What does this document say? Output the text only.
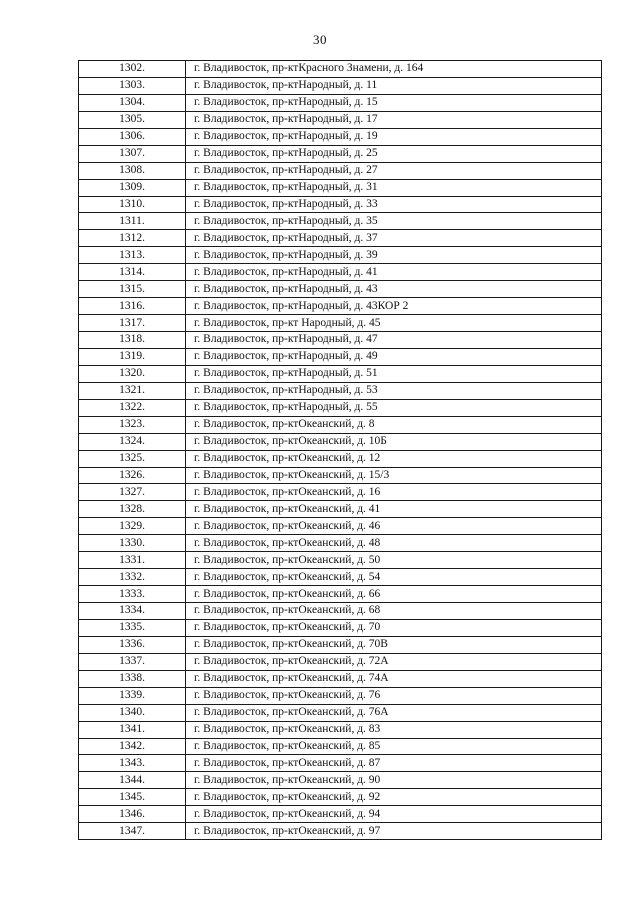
30
1302.	г. Владивосток, пр-ктКрасного Знамени, д. 164
1303.	г. Владивосток, пр-ктНародный, д. 11
1304.	г. Владивосток, пр-ктНародный, д. 15
1305.	г. Владивосток, пр-ктНародный, д. 17
1306.	г. Владивосток, пр-ктНародный, д. 19
1307.	г. Владивосток, пр-ктНародный, д. 25
1308.	г. Владивосток, пр-ктНародный, д. 27
1309.	г. Владивосток, пр-ктНародный, д. 31
1310.	г. Владивосток, пр-ктНародный, д. 33
1311.	г. Владивосток, пр-ктНародный, д. 35
1312.	г. Владивосток, пр-ктНародный, д. 37
1313.	г. Владивосток, пр-ктНародный, д. 39
1314.	г. Владивосток, пр-ктНародный, д. 41
1315.	г. Владивосток, пр-ктНародный, д. 43
1316.	г. Владивосток, пр-ктНародный, д. 43КОР 2
1317.	г. Владивосток, пр-кт Народный, д. 45
1318.	г. Владивосток, пр-ктНародный, д. 47
1319.	г. Владивосток, пр-ктНародный, д. 49
1320.	г. Владивосток, пр-ктНародный, д. 51
1321.	г. Владивосток, пр-ктНародный, д. 53
1322.	г. Владивосток, пр-ктНародный, д. 55
1323.	г. Владивосток, пр-ктОкеанский, д. 8
1324.	г. Владивосток, пр-ктОкеанский, д. 10Б
1325.	г. Владивосток, пр-ктОкеанский, д. 12
1326.	г. Владивосток, пр-ктОкеанский, д. 15/3
1327.	г. Владивосток, пр-ктОкеанский, д. 16
1328.	г. Владивосток, пр-ктОкеанский, д. 41
1329.	г. Владивосток, пр-ктОкеанский, д. 46
1330.	г. Владивосток, пр-ктОкеанский, д. 48
1331.	г. Владивосток, пр-ктОкеанский, д. 50
1332.	г. Владивосток, пр-ктОкеанский, д. 54
1333.	г. Владивосток, пр-ктОкеанский, д. 66
1334.	г. Владивосток, пр-ктОкеанский, д. 68
1335.	г. Владивосток, пр-ктОкеанский, д. 70
1336.	г. Владивосток, пр-ктОкеанский, д. 70В
1337.	г. Владивосток, пр-ктОкеанский, д. 72А
1338.	г. Владивосток, пр-ктОкеанский, д. 74А
1339.	г. Владивосток, пр-ктОкеанский, д. 76
1340.	г. Владивосток, пр-ктОкеанский, д. 76А
1341.	г. Владивосток, пр-ктОкеанский, д. 83
1342.	г. Владивосток, пр-ктОкеанский, д. 85
1343.	г. Владивосток, пр-ктОкеанский, д. 87
1344.	г. Владивосток, пр-ктОкеанский, д. 90
1345.	г. Владивосток, пр-ктОкеанский, д. 92
1346.	г. Владивосток, пр-ктОкеанский, д. 94
1347.	г. Владивосток, пр-ктОкеанский, д. 97
